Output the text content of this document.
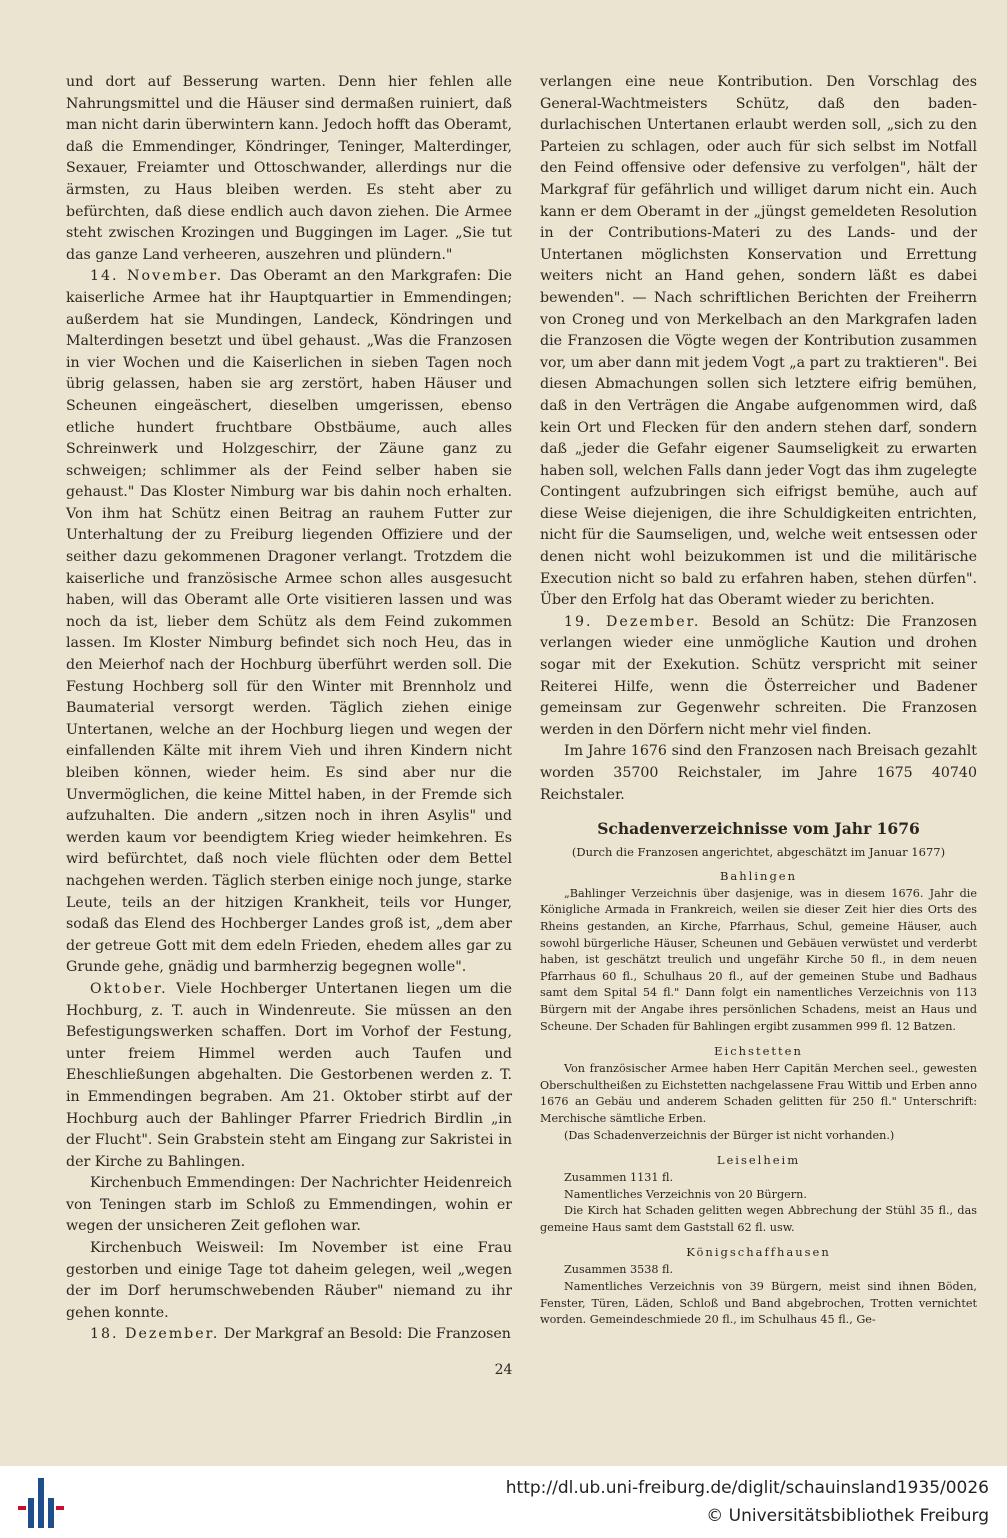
und dort auf Besserung warten. Denn hier fehlen alle Nahrungsmittel und die Häuser sind dermaßen ruiniert, daß man nicht darin überwintern kann. Jedoch hofft das Oberamt, daß die Emmendinger, Köndringer, Teninger, Malterdinger, Sexauer, Freiamter und Ottoschwander, allerdings nur die ärmsten, zu Haus bleiben werden. Es steht aber zu befürchten, daß diese endlich auch davon ziehen. Die Armee steht zwischen Krozingen und Buggingen im Lager. „Sie tut das ganze Land verheeren, auszehren und plündern."

14. November. Das Oberamt an den Markgrafen: Die kaiserliche Armee hat ihr Hauptquartier in Emmendingen; außerdem hat sie Mundingen, Landeck, Köndringen und Malterdingen besetzt und übel gehaust. „Was die Franzosen in vier Wochen und die Kaiserlichen in sieben Tagen noch übrig gelassen, haben sie arg zerstört, haben Häuser und Scheunen eingeäschert, dieselben umgerissen, ebenso etliche hundert fruchtbare Obstbäume, auch alles Schreinwerk und Holzgeschirr, der Zäune ganz zu schweigen; schlimmer als der Feind selber haben sie gehaust." Das Kloster Nimburg war bis dahin noch erhalten. Von ihm hat Schütz einen Beitrag an rauhem Futter zur Unterhaltung der zu Freiburg liegenden Offiziere und der seither dazu gekommenen Dragoner verlangt. Trotzdem die kaiserliche und französische Armee schon alles ausgesucht haben, will das Oberamt alle Orte visitieren lassen und was noch da ist, lieber dem Schütz als dem Feind zukommen lassen. Im Kloster Nimburg befindet sich noch Heu, das in den Meierhof nach der Hochburg überführt werden soll. Die Festung Hochberg soll für den Winter mit Brennholz und Baumaterial versorgt werden. Täglich ziehen einige Untertanen, welche an der Hochburg liegen und wegen der einfallenden Kälte mit ihrem Vieh und ihren Kindern nicht bleiben können, wieder heim. Es sind aber nur die Unvermöglichen, die keine Mittel haben, in der Fremde sich aufzuhalten. Die andern „sitzen noch in ihren Asylis" und werden kaum vor beendigtem Krieg wieder heimkehren. Es wird befürchtet, daß noch viele flüchten oder dem Bettel nachgehen werden. Täglich sterben einige noch junge, starke Leute, teils an der hitzigen Krankheit, teils vor Hunger, sodaß das Elend des Hochberger Landes groß ist, „dem aber der getreue Gott mit dem edeln Frieden, ehedem alles gar zu Grunde gehe, gnädig und barmherzig begegnen wolle".

Oktober. Viele Hochberger Untertanen liegen um die Hochburg, z. T. auch in Windenreute. Sie müssen an den Befestigungswerken schaffen. Dort im Vorhof der Festung, unter freiem Himmel werden auch Taufen und Eheschließungen abgehalten. Die Gestorbenen werden z. T. in Emmendingen begraben. Am 21. Oktober stirbt auf der Hochburg auch der Bahlinger Pfarrer Friedrich Birdlin „in der Flucht". Sein Grabstein steht am Eingang zur Sakristei in der Kirche zu Bahlingen.

Kirchenbuch Emmendingen: Der Nachrichter Heidenreich von Teningen starb im Schloß zu Emmendingen, wohin er wegen der unsicheren Zeit geflohen war.

Kirchenbuch Weisweil: Im November ist eine Frau gestorben und einige Tage tot daheim gelegen, weil „wegen der im Dorf herumschwebenden Räuber" niemand zu ihr gehen konnte.

18. Dezember. Der Markgraf an Besold: Die Franzosen

verlangen eine neue Kontribution. Den Vorschlag des General-Wachtmeisters Schütz, daß den baden-durlachischen Untertanen erlaubt werden soll, „sich zu den Parteien zu schlagen, oder auch für sich selbst im Notfall den Feind offensive oder defensive zu verfolgen", hält der Markgraf für gefährlich und williget darum nicht ein. Auch kann er dem Oberamt in der „jüngst gemeldeten Resolution in der Contributions-Materi zu des Lands- und der Untertanen möglichsten Konservation und Errettung weiters nicht an Hand gehen, sondern läßt es dabei bewenden". — Nach schriftlichen Berichten der Freiherrn von Croneg und von Merkelbach an den Markgrafen laden die Franzosen die Vögte wegen der Kontribution zusammen vor, um aber dann mit jedem Vogt „a part zu traktieren". Bei diesen Abmachungen sollen sich letztere eifrig bemühen, daß in den Verträgen die Angabe aufgenommen wird, daß kein Ort und Flecken für den andern stehen darf, sondern daß „jeder die Gefahr eigener Saumseligkeit zu erwarten haben soll, welchen Falls dann jeder Vogt das ihm zugelegte Contingent aufzubringen sich eifrigst bemühe, auch auf diese Weise diejenigen, die ihre Schuldigkeiten entrichten, nicht für die Saumseligen, und, welche weit entsessen oder denen nicht wohl beizukommen ist und die militärische Execution nicht so bald zu erfahren haben, stehen dürfen". Über den Erfolg hat das Oberamt wieder zu berichten.

19. Dezember. Besold an Schütz: Die Franzosen verlangen wieder eine unmögliche Kaution und drohen sogar mit der Exekution. Schütz verspricht mit seiner Reiterei Hilfe, wenn die Österreicher und Badener gemeinsam zur Gegenwehr schreiten. Die Franzosen werden in den Dörfern nicht mehr viel finden.

Im Jahre 1676 sind den Franzosen nach Breisach gezahlt worden 35700 Reichstaler, im Jahre 1675 40740 Reichstaler.

Schadenverzeichnisse vom Jahr 1676
(Durch die Franzosen angerichtet, abgeschätzt im Januar 1677)
Bahlingen

„Bahlinger Verzeichnis über dasjenige, was in diesem 1676. Jahr die Königliche Armada in Frankreich, weilen sie dieser Zeit hier dies Orts des Rheins gestanden, an Kirche, Pfarrhaus, Schul, gemeine Häuser, auch sowohl bürgerliche Häuser, Scheunen und Gebäuen verwüstet und verderbt haben, ist geschätzt treulich und ungefähr Kirche 50 fl., in dem neuen Pfarrhaus 60 fl., Schulhaus 20 fl., auf der gemeinen Stube und Badhaus samt dem Spital 54 fl." Dann folgt ein namentliches Verzeichnis von 113 Bürgern mit der Angabe ihres persönlichen Schadens, meist an Haus und Scheune. Der Schaden für Bahlingen ergibt zusammen 999 fl. 12 Batzen.

Eichstetten

Von französischer Armee haben Herr Capitän Merchen seel., gewesten Oberschultheißen zu Eichstetten nachgelassene Frau Wittib und Erben anno 1676 an Gebäu und anderem Schaden gelitten für 250 fl." Unterschrift: Merchische sämtliche Erben.

(Das Schadenverzeichnis der Bürger ist nicht vorhanden.)

Leiselheim

Zusammen 1131 fl.

Namentliches Verzeichnis von 20 Bürgern.

Die Kirch hat Schaden gelitten wegen Abbrechung der Stühl 35 fl., das gemeine Haus samt dem Gaststall 62 fl. usw.

Königschaffhausen

Zusammen 3538 fl.

Namentliches Verzeichnis von 39 Bürgern, meist sind ihnen Böden, Fenster, Türen, Läden, Schloß und Band abgebrochen, Trotten vernichtet worden. Gemeindeschmiede 20 fl., im Schulhaus 45 fl., Ge-

24
http://dl.ub.uni-freiburg.de/diglit/schauinsland1935/0026
© Universitätsbibliothek Freiburg
